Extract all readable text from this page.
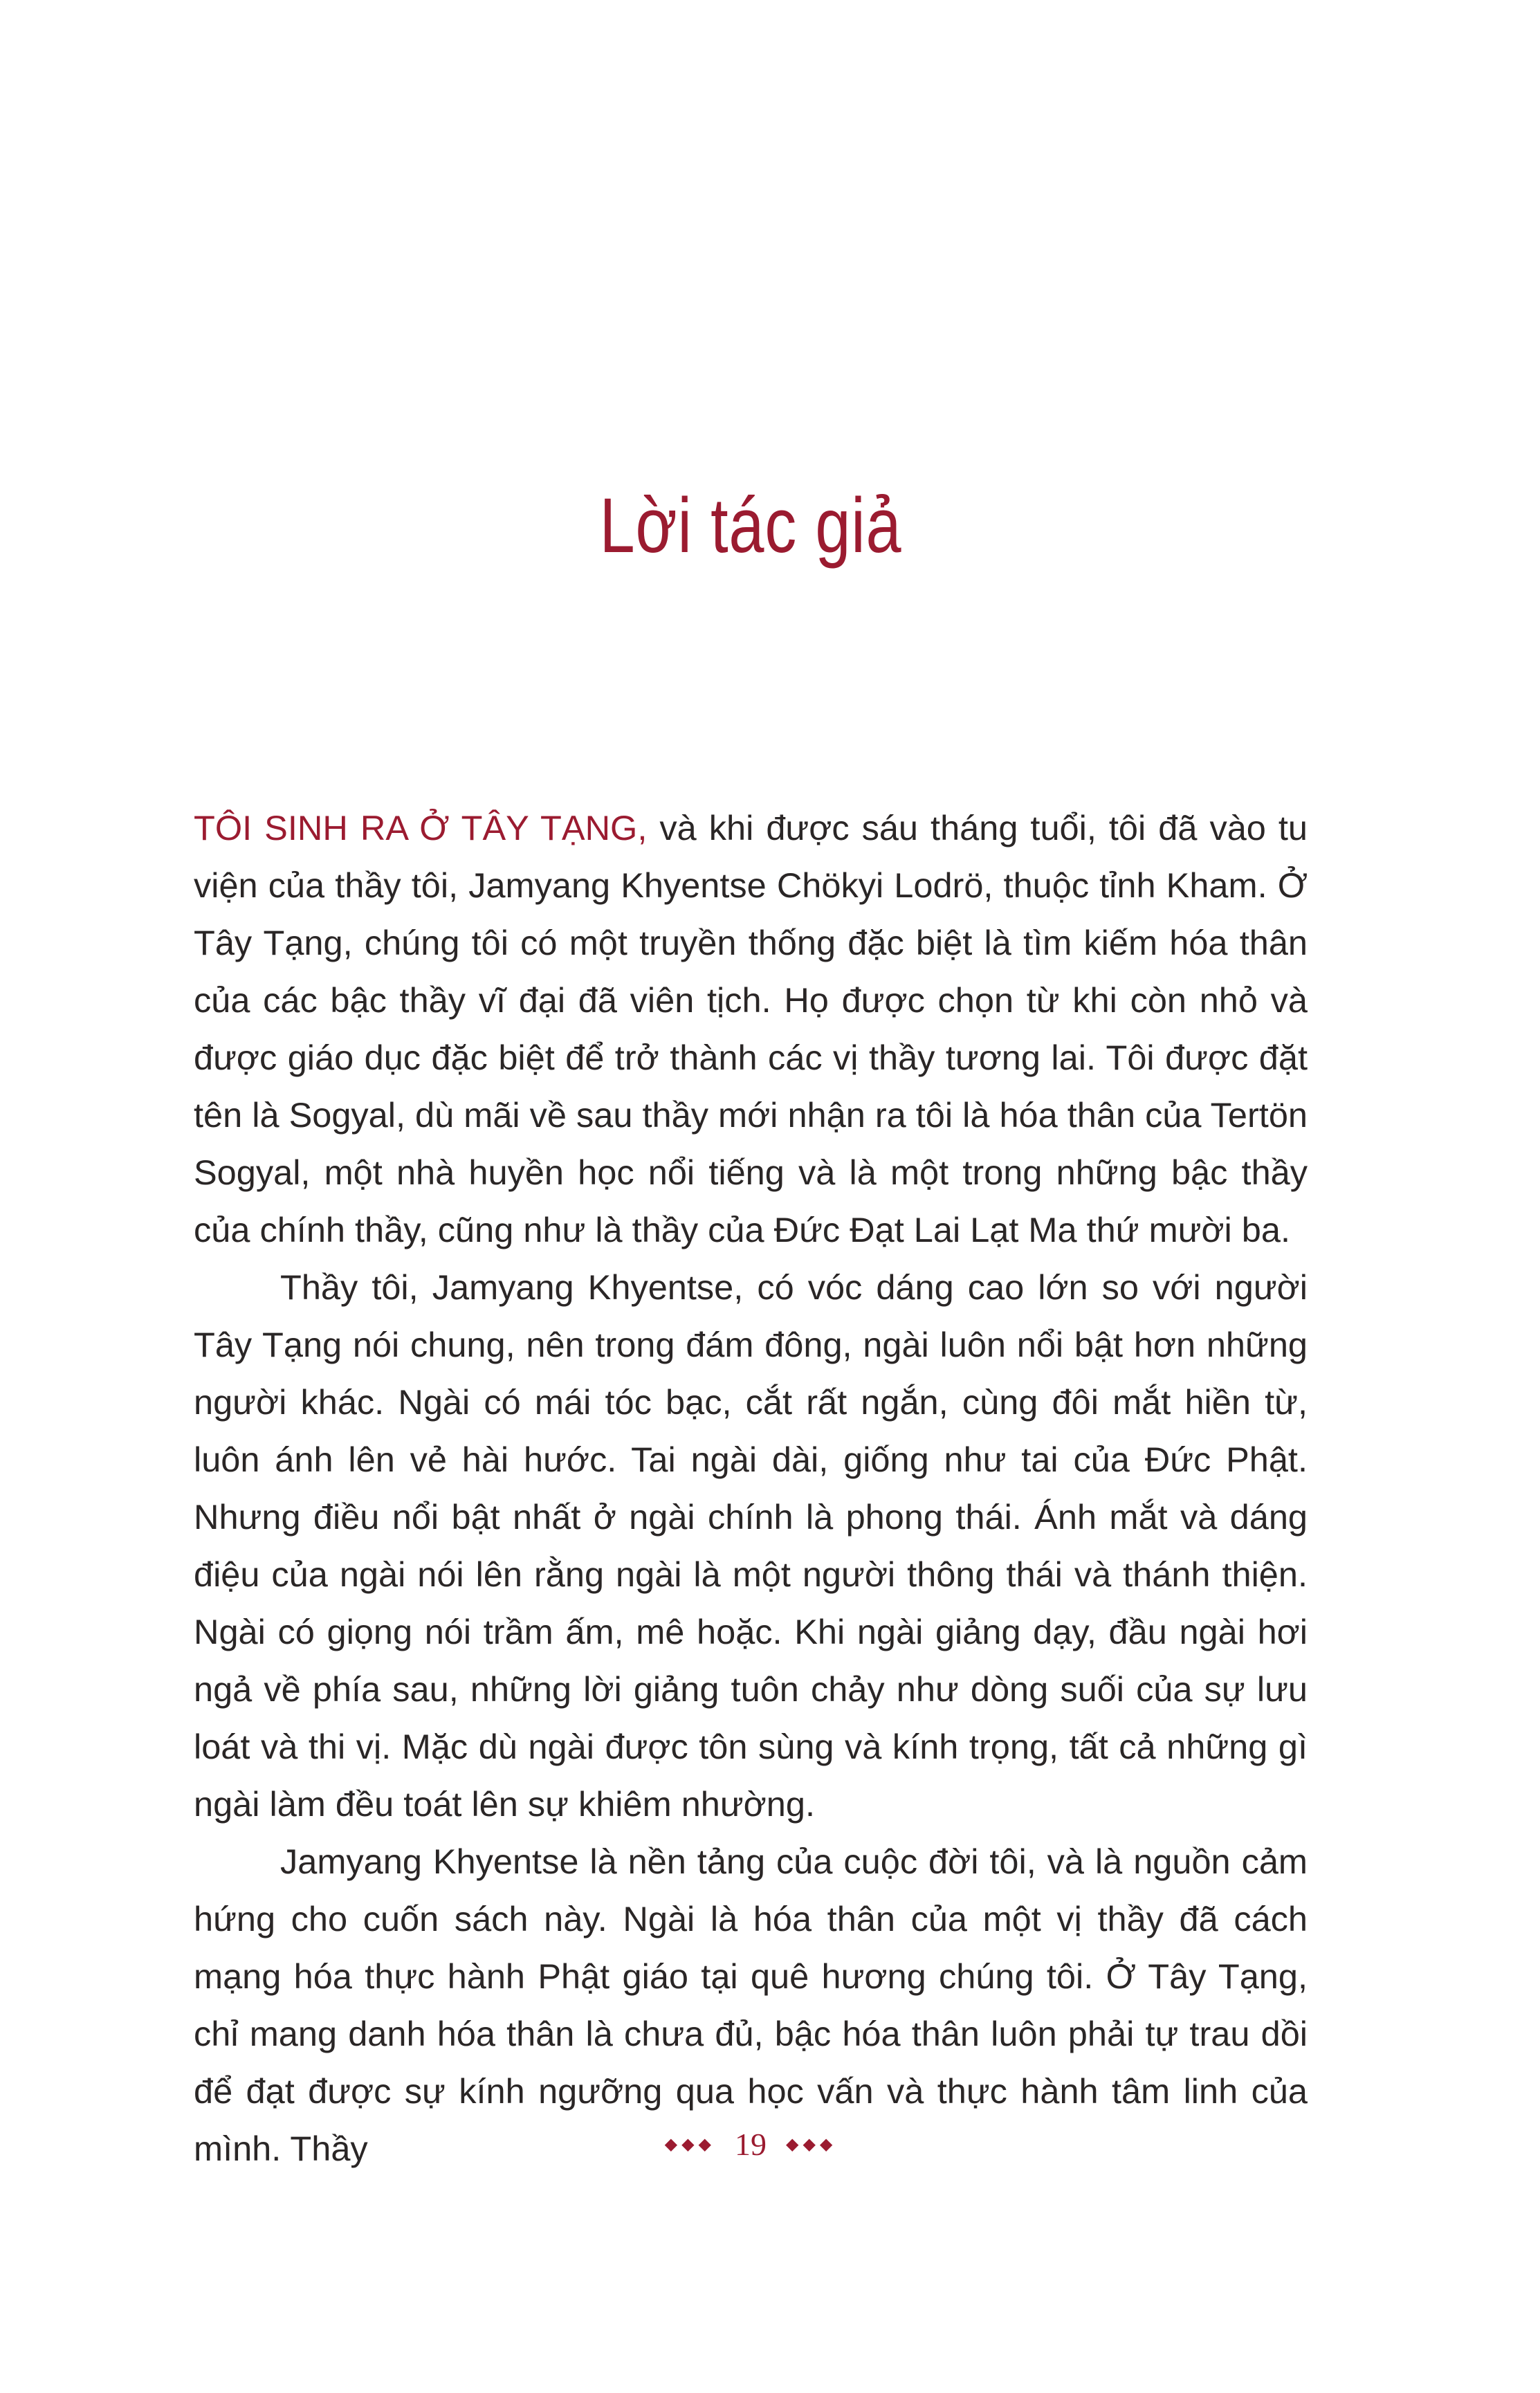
Lời tác giả

TÔI SINH RA Ở TÂY TẠNG, và khi được sáu tháng tuổi, tôi đã vào tu viện của thầy tôi, Jamyang Khyentse Chökyi Lodrö, thuộc tỉnh Kham. Ở Tây Tạng, chúng tôi có một truyền thống đặc biệt là tìm kiếm hóa thân của các bậc thầy vĩ đại đã viên tịch. Họ được chọn từ khi còn nhỏ và được giáo dục đặc biệt để trở thành các vị thầy tương lai. Tôi được đặt tên là Sogyal, dù mãi về sau thầy mới nhận ra tôi là hóa thân của Tertön Sogyal, một nhà huyền học nổi tiếng và là một trong những bậc thầy của chính thầy, cũng như là thầy của Đức Đạt Lai Lạt Ma thứ mười ba.

Thầy tôi, Jamyang Khyentse, có vóc dáng cao lớn so với người Tây Tạng nói chung, nên trong đám đông, ngài luôn nổi bật hơn những người khác. Ngài có mái tóc bạc, cắt rất ngắn, cùng đôi mắt hiền từ, luôn ánh lên vẻ hài hước. Tai ngài dài, giống như tai của Đức Phật. Nhưng điều nổi bật nhất ở ngài chính là phong thái. Ánh mắt và dáng điệu của ngài nói lên rằng ngài là một người thông thái và thánh thiện. Ngài có giọng nói trầm ấm, mê hoặc. Khi ngài giảng dạy, đầu ngài hơi ngả về phía sau, những lời giảng tuôn chảy như dòng suối của sự lưu loát và thi vị. Mặc dù ngài được tôn sùng và kính trọng, tất cả những gì ngài làm đều toát lên sự khiêm nhường.

Jamyang Khyentse là nền tảng của cuộc đời tôi, và là nguồn cảm hứng cho cuốn sách này. Ngài là hóa thân của một vị thầy đã cách mạng hóa thực hành Phật giáo tại quê hương chúng tôi. Ở Tây Tạng, chỉ mang danh hóa thân là chưa đủ, bậc hóa thân luôn phải tự trau dồi để đạt được sự kính ngưỡng qua học vấn và thực hành tâm linh của mình. Thầy	◆◆◆ 19 ◆◆◆
